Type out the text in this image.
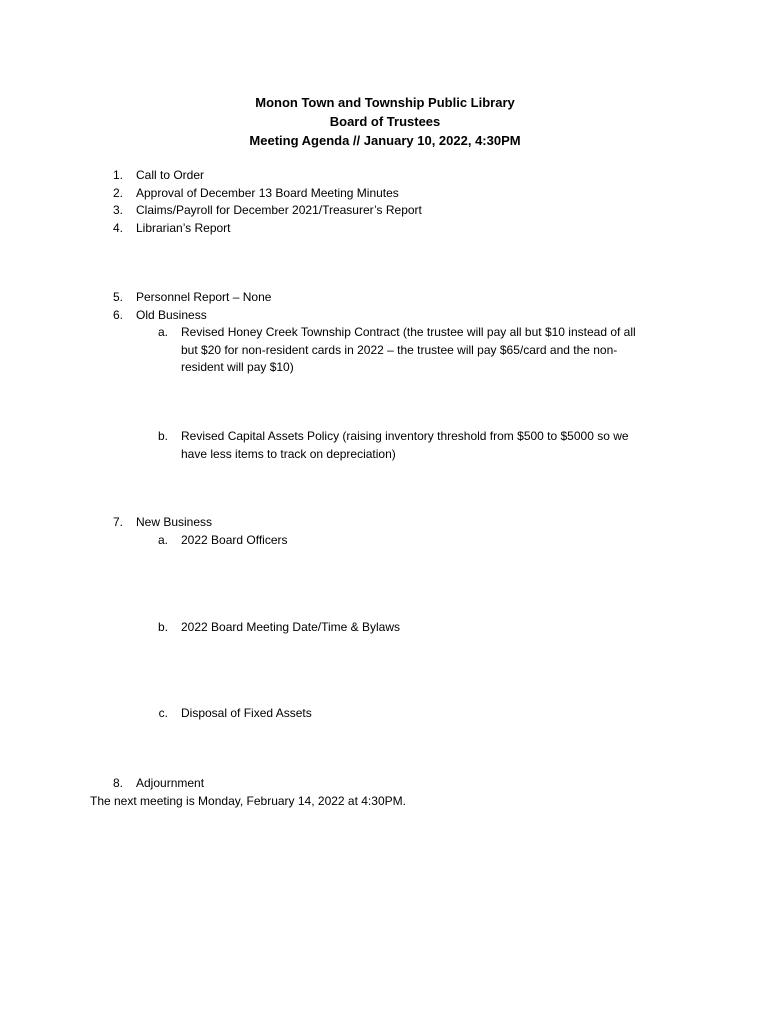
Monon Town and Township Public Library
Board of Trustees
Meeting Agenda // January 10, 2022, 4:30PM
1. Call to Order
2. Approval of December 13 Board Meeting Minutes
3. Claims/Payroll for December 2021/Treasurer’s Report
4. Librarian’s Report
5. Personnel Report – None
6. Old Business
a. Revised Honey Creek Township Contract (the trustee will pay all but $10 instead of all
but $20 for non-resident cards in 2022 – the trustee will pay $65/card and the non-
resident will pay $10)
b. Revised Capital Assets Policy (raising inventory threshold from $500 to $5000 so we
have less items to track on depreciation)
7. New Business
a. 2022 Board Officers
b. 2022 Board Meeting Date/Time & Bylaws
c. Disposal of Fixed Assets
8. Adjournment
The next meeting is Monday, February 14, 2022 at 4:30PM.
